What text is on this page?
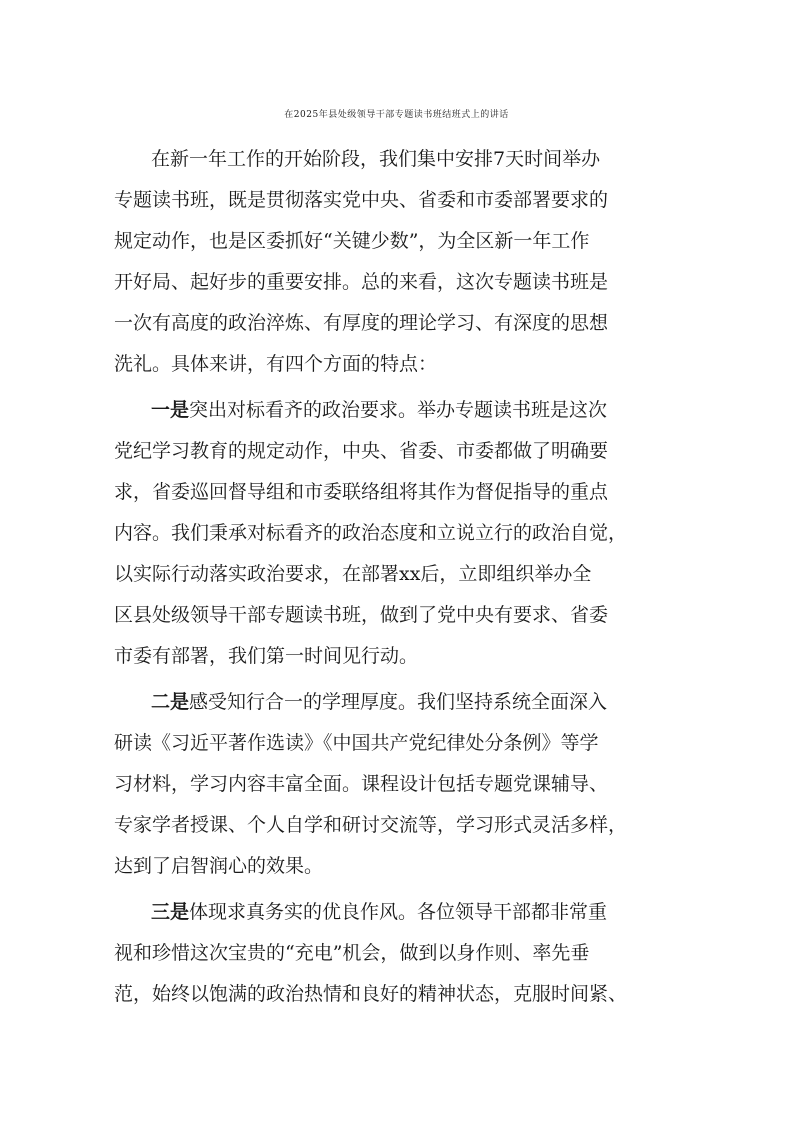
在2025年县处级领导干部专题读书班结班式上的讲话
在新一年工作的开始阶段，我们集中安排7天时间举办
专题读书班，既是贯彻落实党中央、省委和市委部署要求的
规定动作，也是区委抓好“关键少数”，为全区新一年工作
开好局、起好步的重要安排。总的来看，这次专题读书班是
一次有高度的政治淬炼、有厚度的理论学习、有深度的思想
洗礼。具体来讲，有四个方面的特点：
一是突出对标看齐的政治要求。举办专题读书班是这次
党纪学习教育的规定动作，中央、省委、市委都做了明确要
求，省委巡回督导组和市委联络组将其作为督促指导的重点
内容。我们秉承对标看齐的政治态度和立说立行的政治自觉，
以实际行动落实政治要求，在部署xx后，立即组织举办全
区县处级领导干部专题读书班，做到了党中央有要求、省委
市委有部署，我们第一时间见行动。
二是感受知行合一的学理厚度。我们坚持系统全面深入
研读《习近平著作选读》《中国共产党纪律处分条例》等学
习材料，学习内容丰富全面。课程设计包括专题党课辅导、
专家学者授课、个人自学和研讨交流等，学习形式灵活多样，
达到了启智润心的效果。
三是体现求真务实的优良作风。各位领导干部都非常重
视和珍惜这次宝贵的“充电”机会，做到以身作则、率先垂
范，始终以饱满的政治热情和良好的精神状态，克服时间紧、
